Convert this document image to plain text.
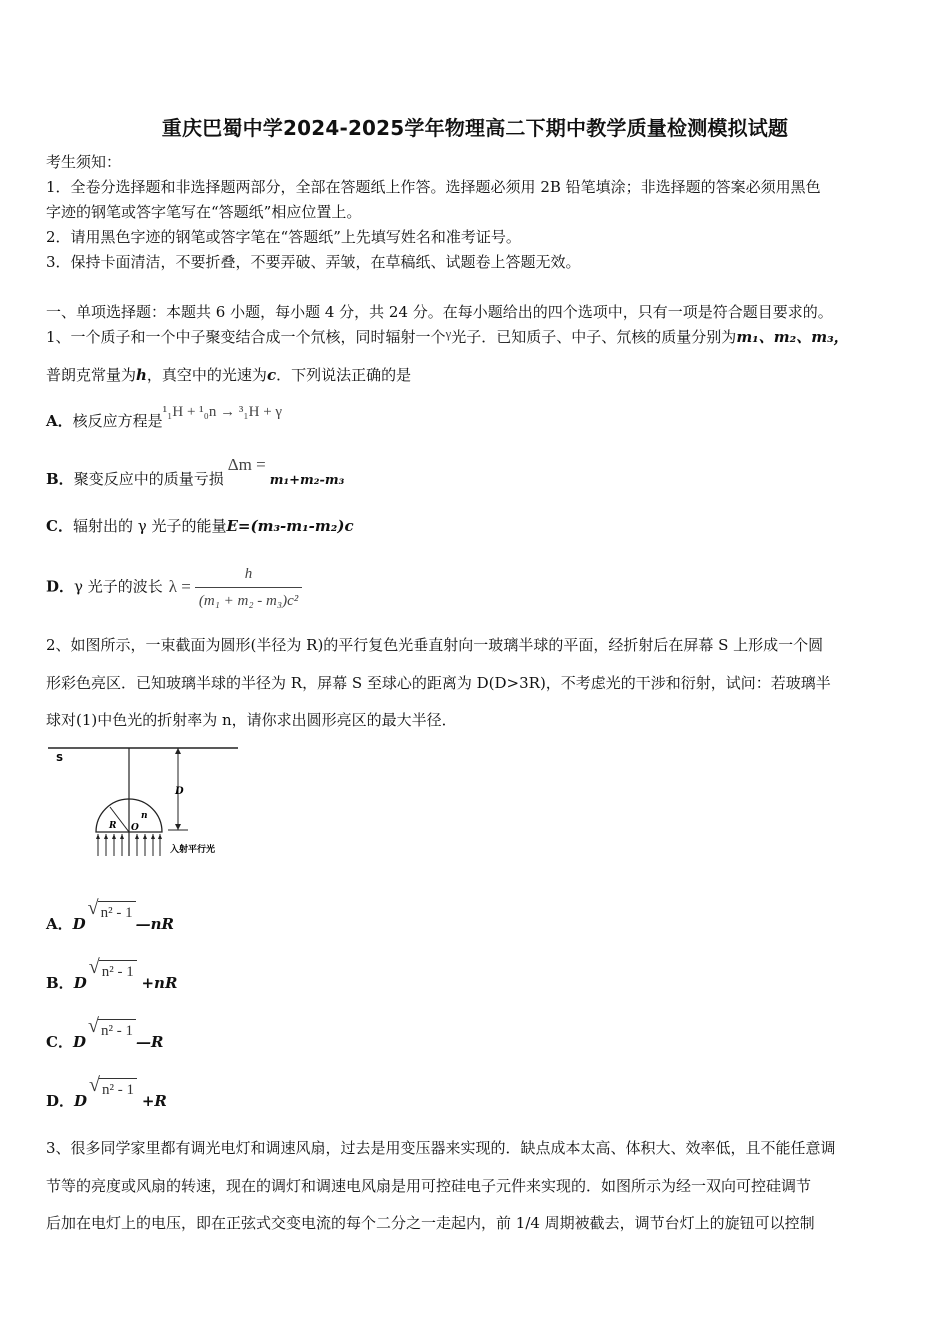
重庆巴蜀中学2024-2025学年物理高二下期中教学质量检测模拟试题
考生须知：
1．全卷分选择题和非选择题两部分，全部在答题纸上作答。选择题必须用 2B 铅笔填涂；非选择题的答案必须用黑色
字迹的钢笔或答字笔写在“答题纸”相应位置上。
2．请用黑色字迹的钢笔或答字笔在“答题纸”上先填写姓名和准考证号。
3．保持卡面清洁，不要折叠，不要弄破、弄皱，在草稿纸、试题卷上答题无效。
一、单项选择题：本题共 6 小题，每小题 4 分，共 24 分。在每小题给出的四个选项中，只有一项是符合题目要求的。
1、一个质子和一个中子聚变结合成一个氘核，同时辐射一个γ光子．已知质子、中子、氘核的质量分别为m₁、m₂、m₃，
普朗克常量为h，真空中的光速为c．下列说法正确的是
A．核反应方程是¹₁H + ¹₀n → ³₁H + γ
B．聚变反应中的质量亏损Δm =m₁+m₂-m₃
C．辐射出的 γ 光子的能量E=(m₃-m₁-m₂)c
D．γ 光子的波长 $\lambda = \frac{h}{\text{(m₁ + m₂ - m₃)c²}}$
2、如图所示，一束截面为圆形(半径为 R)的平行复色光垂直射向一玻璃半球的平面，经折射后在屏幕 S 上形成一个圆
形彩色亮区．已知玻璃半球的半径为 R，屏幕 S 至球心的距离为 D(D>3R)，不考虑光的干涉和衍射，试问：若玻璃半
球对(1)中色光的折射率为 n，请你求出圆形亮区的最大半径．
S
D
R O
n
入射平行光
A．D
√ n² - 1—nR
B．D
√ n² - 1 +nR
C．D
√ n² - 1—R
D．D
√ n² - 1 +R
3、很多同学家里都有调光电灯和调速风扇，过去是用变压器来实现的．缺点成本太高、体积大、效率低，且不能任意调
节等的亮度或风扇的转速，现在的调灯和调速电风扇是用可控硅电子元件来实现的．如图所示为经一双向可控硅调节
后加在电灯上的电压，即在正弦式交变电流的每个二分之一走起内，前 1/4 周期被截去，调节台灯上的旋钮可以控制
